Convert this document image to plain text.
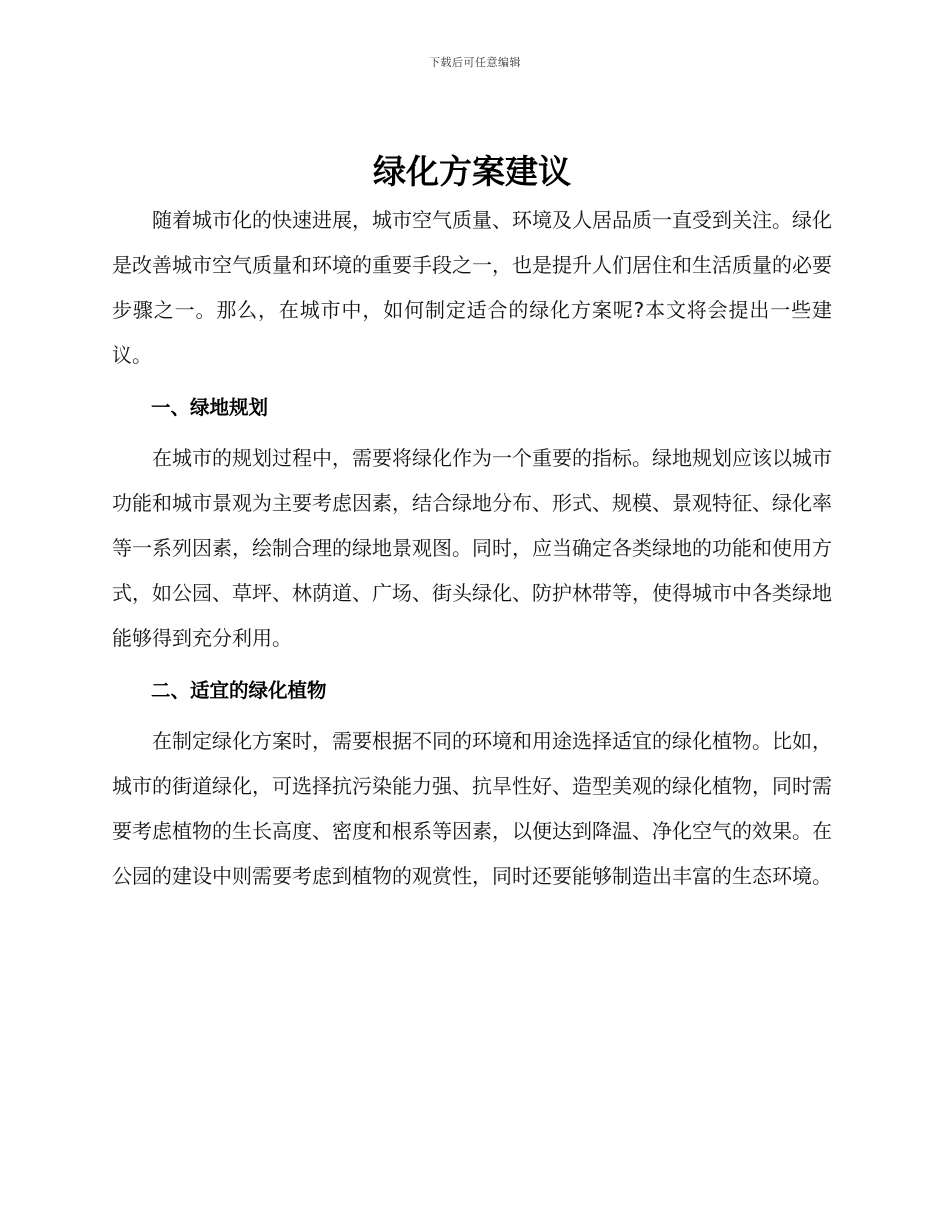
下载后可任意编辑
绿化方案建议

随着城市化的快速进展，城市空气质量、环境及人居品质一直受到关注。绿化是改善城市空气质量和环境的重要手段之一，也是提升人们居住和生活质量的必要步骤之一。那么，在城市中，如何制定适合的绿化方案呢?本文将会提出一些建议。

一、绿地规划

在城市的规划过程中，需要将绿化作为一个重要的指标。绿地规划应该以城市功能和城市景观为主要考虑因素，结合绿地分布、形式、规模、景观特征、绿化率等一系列因素，绘制合理的绿地景观图。同时，应当确定各类绿地的功能和使用方式，如公园、草坪、林荫道、广场、街头绿化、防护林带等，使得城市中各类绿地能够得到充分利用。

二、适宜的绿化植物

在制定绿化方案时，需要根据不同的环境和用途选择适宜的绿化植物。比如，城市的街道绿化，可选择抗污染能力强、抗旱性好、造型美观的绿化植物，同时需要考虑植物的生长高度、密度和根系等因素，以便达到降温、净化空气的效果。在公园的建设中则需要考虑到植物的观赏性，同时还要能够制造出丰富的生态环境。
